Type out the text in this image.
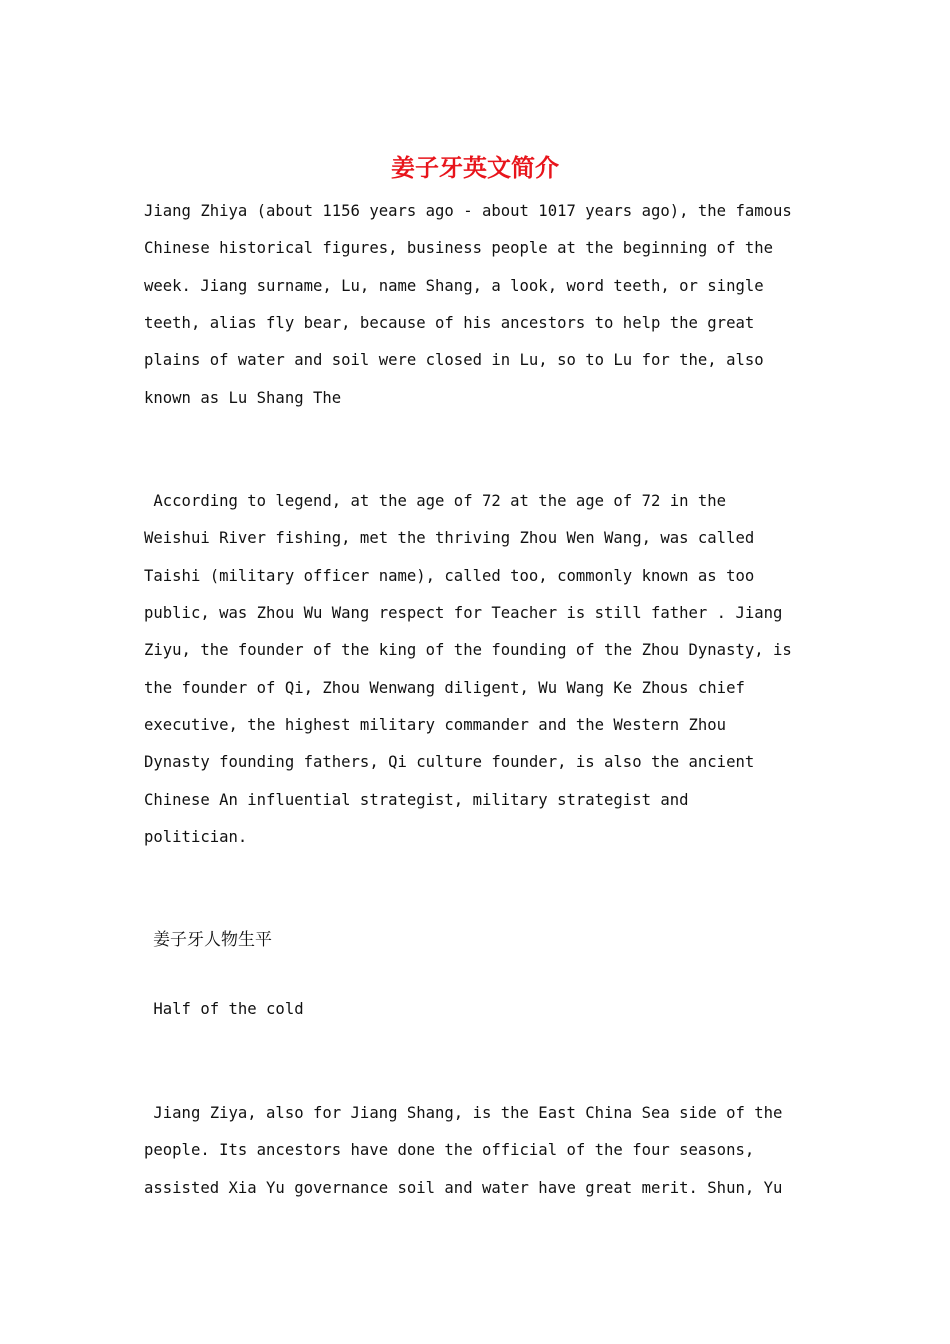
姜子牙英文简介
Jiang Zhiya (about 1156 years ago - about 1017 years ago), the famous
Chinese historical figures, business people at the beginning of the
week. Jiang surname, Lu, name Shang, a look, word teeth, or single
teeth, alias fly bear, because of his ancestors to help the great
plains of water and soil were closed in Lu, so to Lu for the, also
known as Lu Shang The
According to legend, at the age of 72 at the age of 72 in the
Weishui River fishing, met the thriving Zhou Wen Wang, was called
Taishi (military officer name), called too, commonly known as too
public, was Zhou Wu Wang respect for Teacher is still father . Jiang
Ziyu, the founder of the king of the founding of the Zhou Dynasty, is
the founder of Qi, Zhou Wenwang diligent, Wu Wang Ke Zhous chief
executive, the highest military commander and the Western Zhou
Dynasty founding fathers, Qi culture founder, is also the ancient
Chinese An influential strategist, military strategist and
politician.
姜子牙人物生平
Half of the cold
Jiang Ziya, also for Jiang Shang, is the East China Sea side of the
people. Its ancestors have done the official of the four seasons,
assisted Xia Yu governance soil and water have great merit. Shun, Yu
